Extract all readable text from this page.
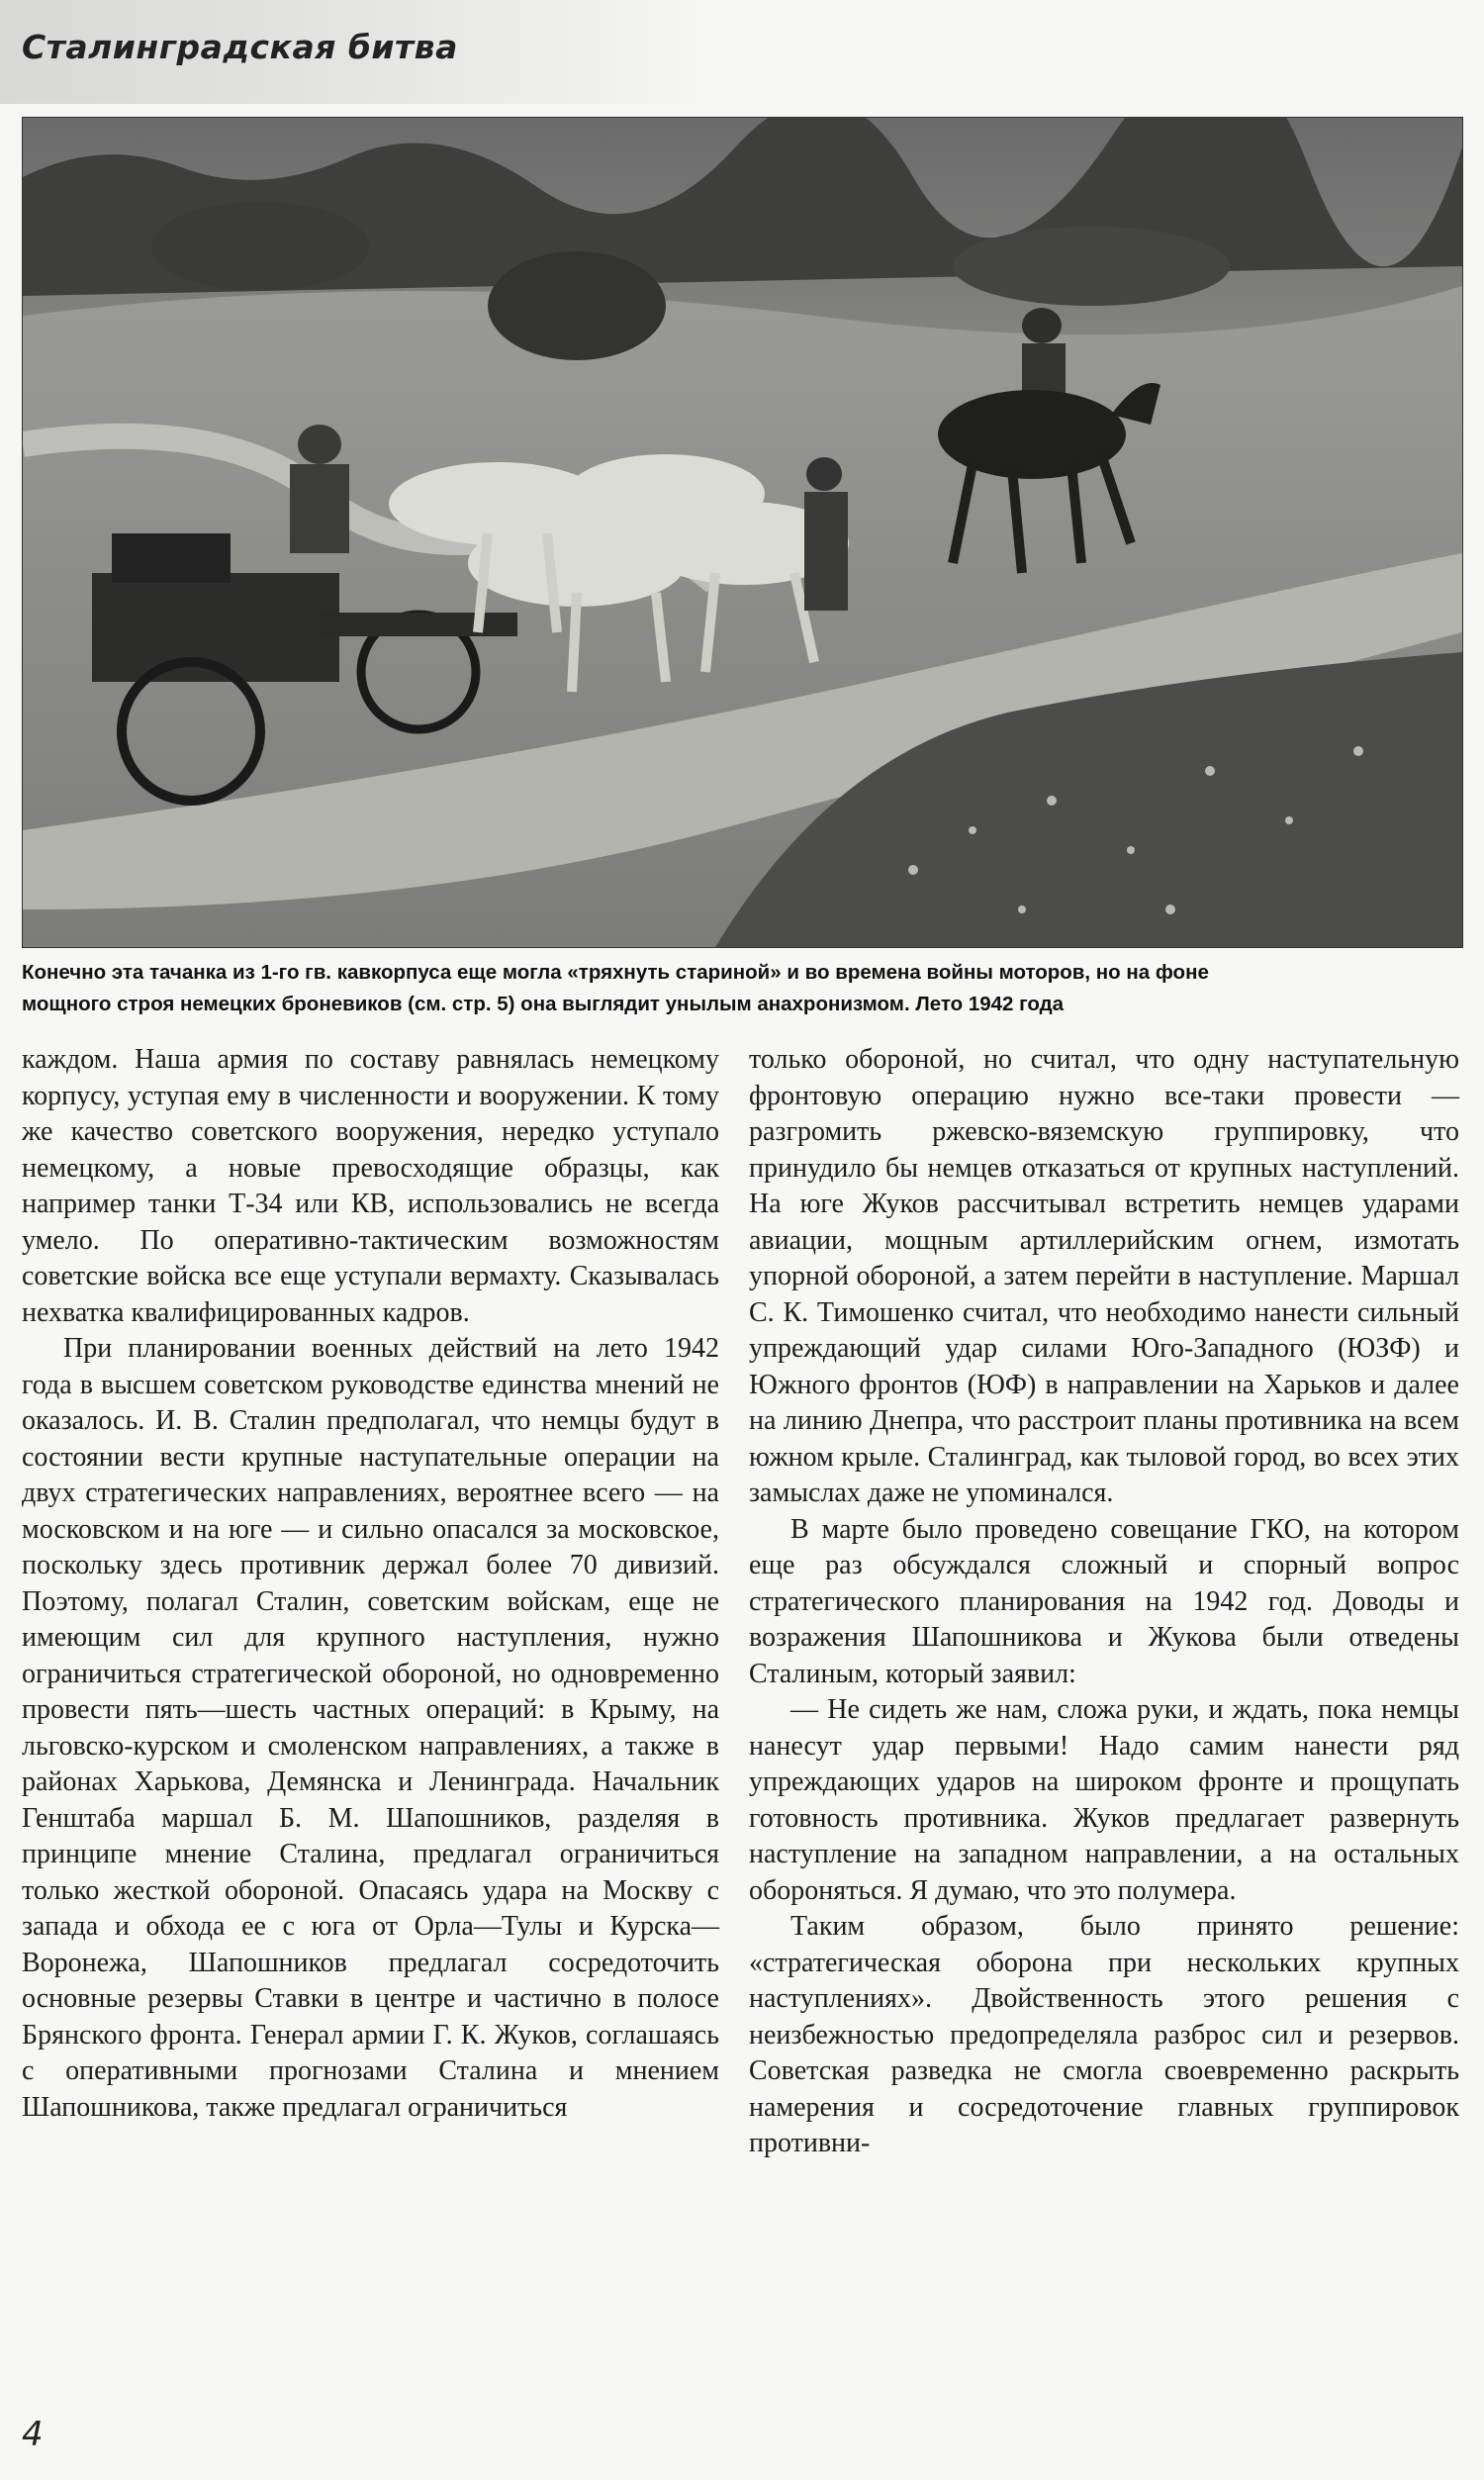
Сталинградская битва
Конечно эта тачанка из 1-го гв. кавкорпуса еще могла «тряхнуть стариной» и во времена войны моторов, но на фоне
мощного строя немецких броневиков (см. стр. 5) она выглядит унылым анахронизмом. Лето 1942 года

каждом. Наша армия по составу равнялась немецкому корпусу, уступая ему в численности и вооружении. К тому же качество советского вооружения, нередко уступало немецкому, а новые превосходящие образцы, как например танки Т-34 или КВ, использовались не всегда умело. По оперативно-тактическим возможностям советские войска все еще уступали вермахту. Сказывалась нехватка квалифицированных кадров.

При планировании военных действий на лето 1942 года в высшем советском руководстве единства мнений не оказалось. И. В. Сталин предполагал, что немцы будут в состоянии вести крупные наступательные операции на двух стратегических направлениях, вероятнее всего — на московском и на юге — и сильно опасался за московское, поскольку здесь противник держал более 70 дивизий. Поэтому, полагал Сталин, советским войскам, еще не имеющим сил для крупного наступления, нужно ограничиться стратегической обороной, но одновременно провести пять—шесть частных операций: в Крыму, на льговско-курском и смоленском направлениях, а также в районах Харькова, Демянска и Ленинграда. Начальник Генштаба маршал Б. М. Шапошников, разделяя в принципе мнение Сталина, предлагал ограничиться только жесткой обороной. Опасаясь удара на Москву с запада и обхода ее с юга от Орла—Тулы и Курска—Воронежа, Шапошников предлагал сосредоточить основные резервы Ставки в центре и частично в полосе Брянского фронта. Генерал армии Г. К. Жуков, соглашаясь с оперативными прогнозами Сталина и мнением Шапошникова, также предлагал ограничиться

только обороной, но считал, что одну наступательную фронтовую операцию нужно все-таки провести — разгромить ржевско-вяземскую группировку, что принудило бы немцев отказаться от крупных наступлений. На юге Жуков рассчитывал встретить немцев ударами авиации, мощным артиллерийским огнем, измотать упорной обороной, а затем перейти в наступление. Маршал С. К. Тимошенко считал, что необходимо нанести сильный упреждающий удар силами Юго-Западного (ЮЗФ) и Южного фронтов (ЮФ) в направлении на Харьков и далее на линию Днепра, что расстроит планы противника на всем южном крыле. Сталинград, как тыловой город, во всех этих замыслах даже не упоминался.

В марте было проведено совещание ГКО, на котором еще раз обсуждался сложный и спорный вопрос стратегического планирования на 1942 год. Доводы и возражения Шапошникова и Жукова были отведены Сталиным, который заявил:

— Не сидеть же нам, сложа руки, и ждать, пока немцы нанесут удар первыми! Надо самим нанести ряд упреждающих ударов на широком фронте и прощупать готовность противника. Жуков предлагает развернуть наступление на западном направлении, а на остальных обороняться. Я думаю, что это полумера.

Таким образом, было принято решение: «стратегическая оборона при нескольких крупных наступлениях». Двойственность этого решения с неизбежностью предопределяла разброс сил и резервов. Советская разведка не смогла своевременно раскрыть намерения и сосредоточение главных группировок противни-

4
